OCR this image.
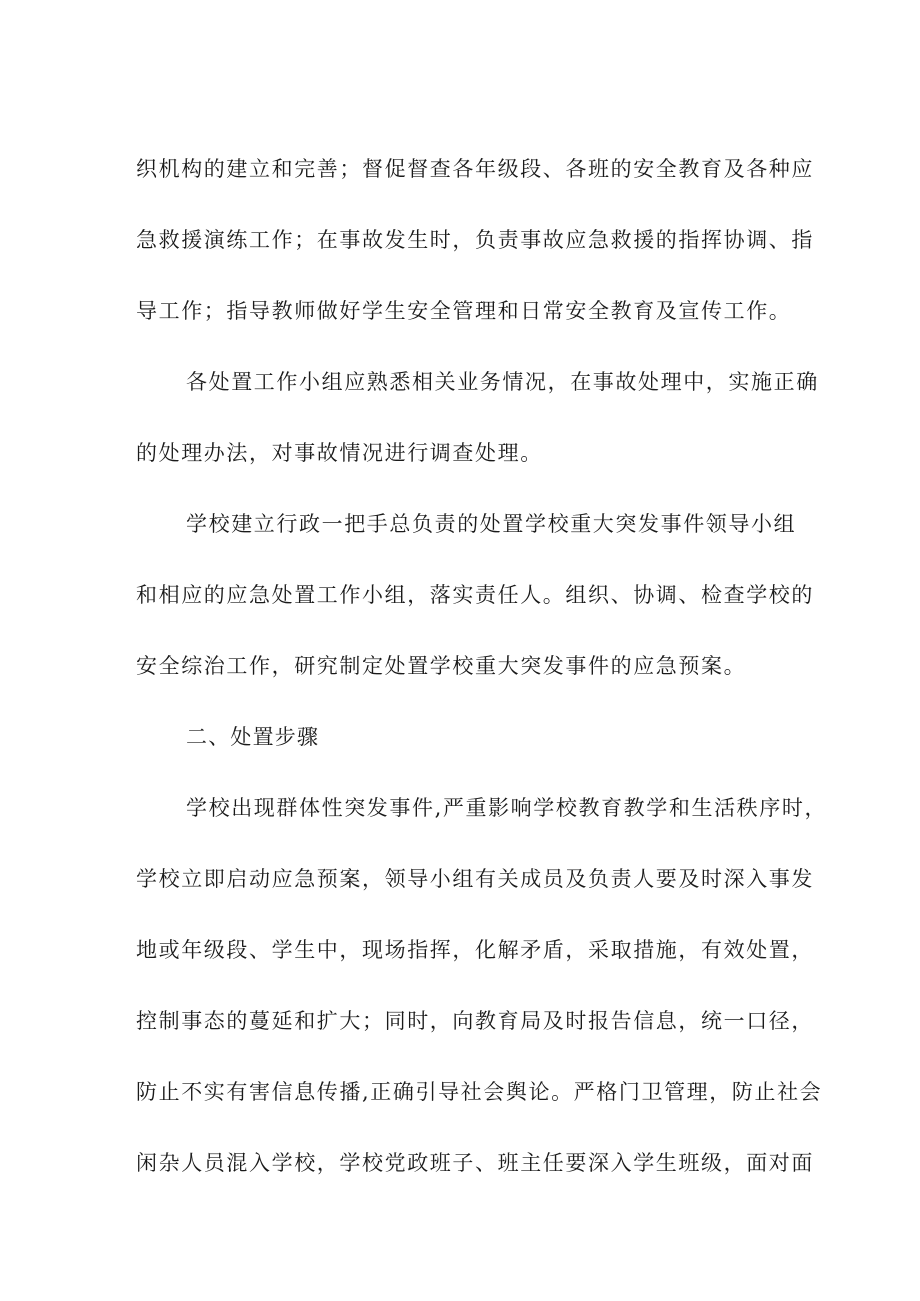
织机构的建立和完善；督促督查各年级段、各班的安全教育及各种应
急救援演练工作；在事故发生时，负责事故应急救援的指挥协调、指
导工作；指导教师做好学生安全管理和日常安全教育及宣传工作。
各处置工作小组应熟悉相关业务情况，在事故处理中，实施正确
的处理办法，对事故情况进行调查处理。
学校建立行政一把手总负责的处置学校重大突发事件领导小组
和相应的应急处置工作小组，落实责任人。组织、协调、检查学校的
安全综治工作，研究制定处置学校重大突发事件的应急预案。
二、处置步骤
学校出现群体性突发事件,严重影响学校教育教学和生活秩序时，
学校立即启动应急预案，领导小组有关成员及负责人要及时深入事发
地或年级段、学生中，现场指挥，化解矛盾，采取措施，有效处置，
控制事态的蔓延和扩大；同时，向教育局及时报告信息，统一口径，
防止不实有害信息传播,正确引导社会舆论。严格门卫管理，防止社会
闲杂人员混入学校，学校党政班子、班主任要深入学生班级，面对面
